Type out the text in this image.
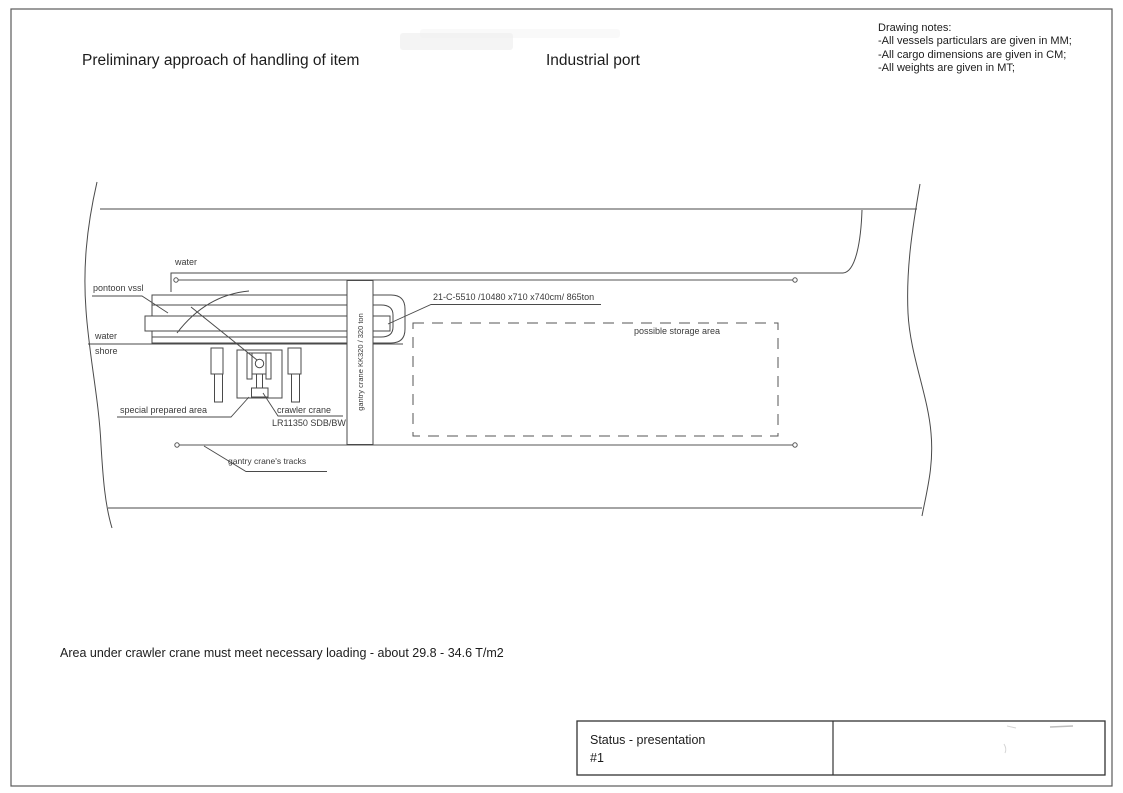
Preliminary approach of handling of item	Industrial port
Drawing notes:
-All vessels particulars are given in MM;
-All cargo dimensions are given in CM;
-All weights are given in MT;
water
pontoon vssl
water
shore
21-C-5510 /10480 x710 x740cm/ 865ton
possible storage area
special prepared area	crawler crane
LR11350 SDB/BW
gantry crane's tracks
gantry crane KK320 / 320 ton
Area under crawler crane must meet necessary loading - about 29.8 - 34.6 T/m2
Status - presentation
#1
